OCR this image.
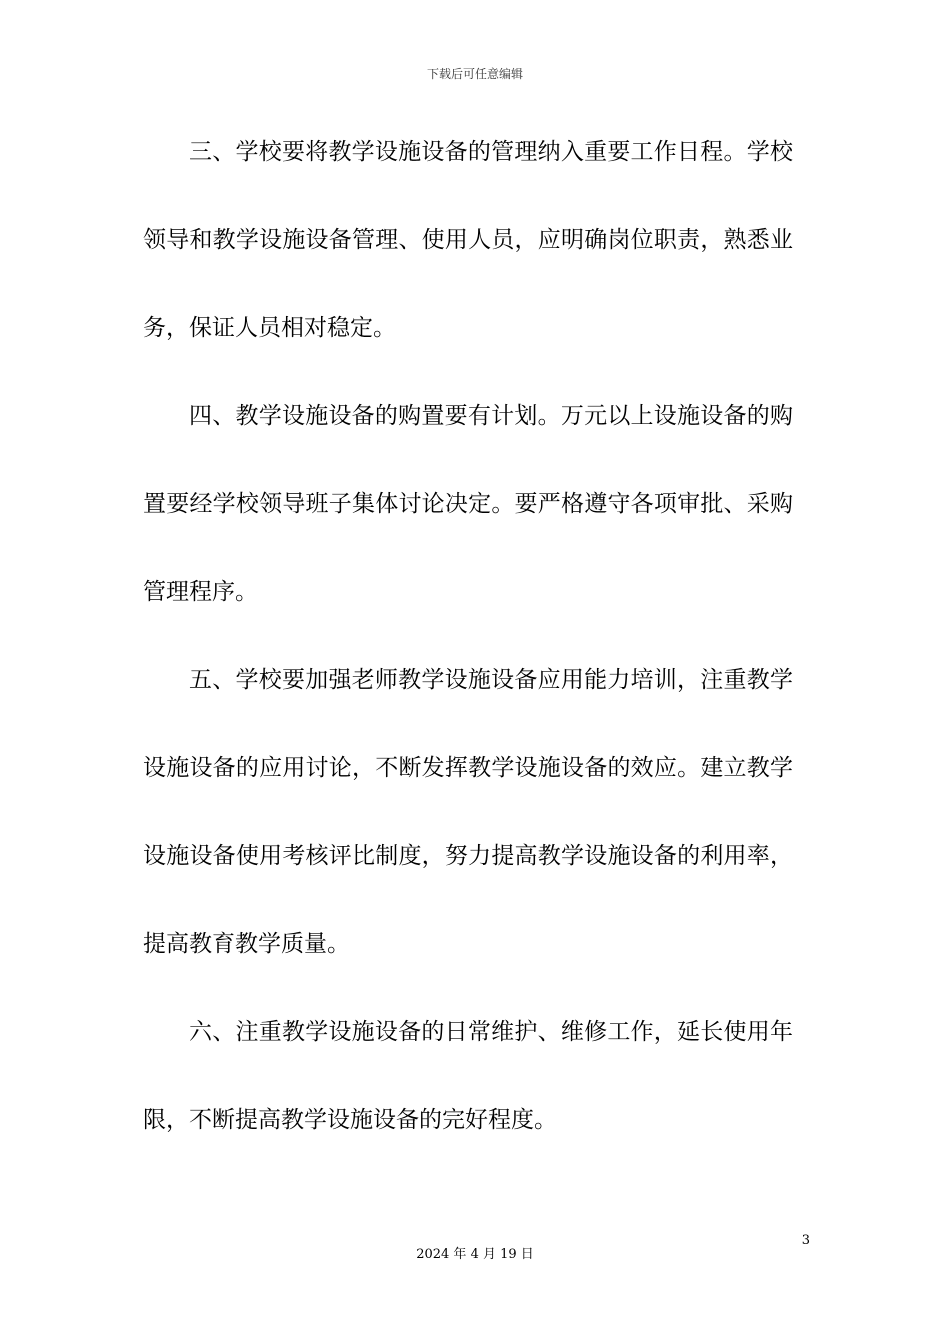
下载后可任意编辑

三、学校要将教学设施设备的管理纳入重要工作日程。学校领导和教学设施设备管理、使用人员，应明确岗位职责，熟悉业务，保证人员相对稳定。

四、教学设施设备的购置要有计划。万元以上设施设备的购置要经学校领导班子集体讨论决定。要严格遵守各项审批、采购管理程序。

五、学校要加强老师教学设施设备应用能力培训，注重教学设施设备的应用讨论，不断发挥教学设施设备的效应。建立教学设施设备使用考核评比制度，努力提高教学设施设备的利用率，提高教育教学质量。

六、注重教学设施设备的日常维护、维修工作，延长使用年限，不断提高教学设施设备的完好程度。

3
2024 年 4 月 19 日
